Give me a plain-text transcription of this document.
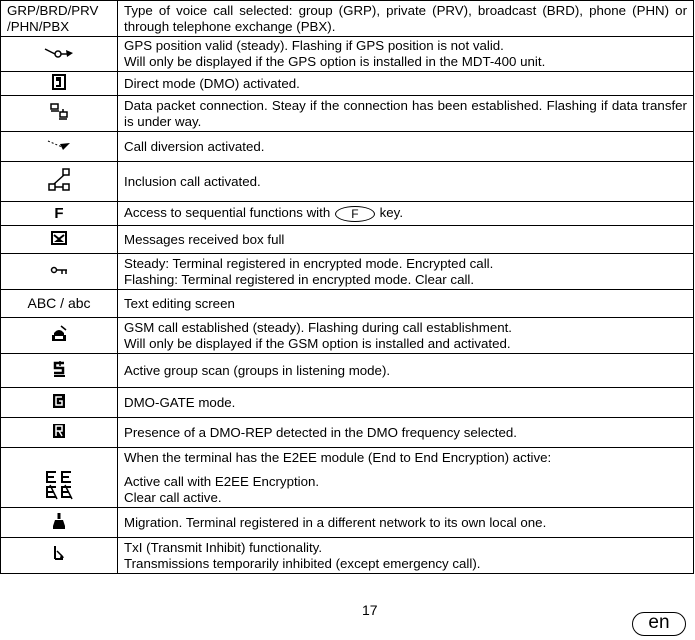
GRP/BRD/PRV /PHN/PBX	Type of voice call selected: group (GRP), private (PRV), broadcast (BRD), phone (PHN) or through telephone exchange (PBX).

GPS position valid (steady). Flashing if GPS position is not valid.
Will only be displayed if the GPS option is installed in the MDT-400 unit.

Direct mode (DMO) activated.

Data packet connection. Steay if the connection has been established. Flashing if data transfer is under way.

Call diversion activated.

Inclusion call activated.

F	Access to sequential functions with F key.

Messages received box full

Steady: Terminal registered in encrypted mode. Encrypted call.
Flashing: Terminal registered in encrypted mode. Clear call.

ABC / abc	Text editing screen

GSM call established (steady). Flashing during call establishment.
Will only be displayed if the GSM option is installed and activated.

Active group scan (groups in listening mode).

DMO-GATE mode.

Presence of a DMO-REP detected in the DMO frequency selected.

When the terminal has the E2EE module (End to End Encryption) active:
Active call with E2EE Encryption.
Clear call active.

Migration. Terminal registered in a different network to its own local one.

TxI (Transmit Inhibit) functionality.
Transmissions temporarily inhibited (except emergency call).
17
en
